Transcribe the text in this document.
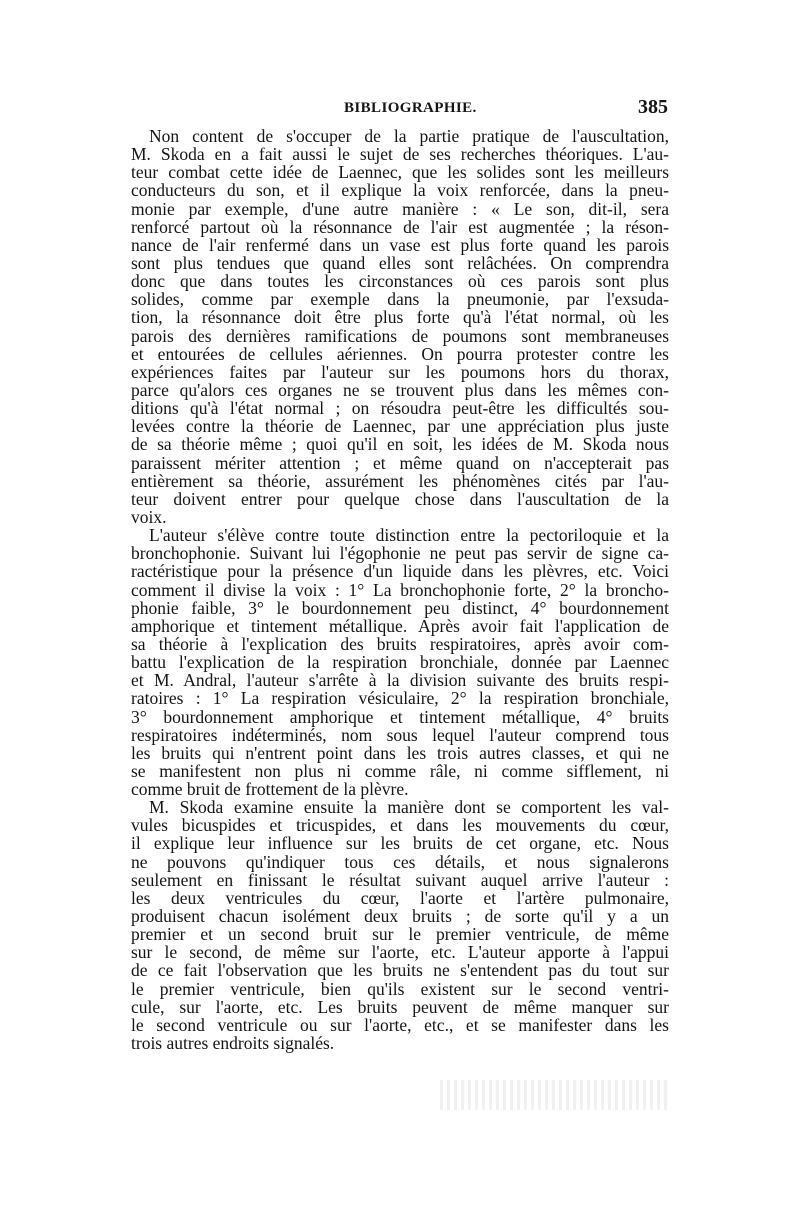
BIBLIOGRAPHIE.	385
Non content de s'occuper de la partie pratique de l'auscultation,
M. Skoda en a fait aussi le sujet de ses recherches théoriques. L'au-
teur combat cette idée de Laennec, que les solides sont les meilleurs
conducteurs du son, et il explique la voix renforcée, dans la pneu-
monie par exemple, d'une autre manière : « Le son, dit-il, sera
renforcé partout où la résonnance de l'air est augmentée ; la réson-
nance de l'air renfermé dans un vase est plus forte quand les parois
sont plus tendues que quand elles sont relâchées. On comprendra
donc que dans toutes les circonstances où ces parois sont plus
solides, comme par exemple dans la pneumonie, par l'exsuda-
tion, la résonnance doit être plus forte qu'à l'état normal, où les
parois des dernières ramifications de poumons sont membraneuses
et entourées de cellules aériennes. On pourra protester contre les
expériences faites par l'auteur sur les poumons hors du thorax,
parce qu'alors ces organes ne se trouvent plus dans les mêmes con-
ditions qu'à l'état normal ; on résoudra peut-être les difficultés sou-
levées contre la théorie de Laennec, par une appréciation plus juste
de sa théorie même ; quoi qu'il en soit, les idées de M. Skoda nous
paraissent mériter attention ; et même quand on n'accepterait pas
entièrement sa théorie, assurément les phénomènes cités par l'au-
teur doivent entrer pour quelque chose dans l'auscultation de la
voix.
L'auteur s'élève contre toute distinction entre la pectoriloquie et la
bronchophonie. Suivant lui l'égophonie ne peut pas servir de signe ca-
ractéristique pour la présence d'un liquide dans les plèvres, etc. Voici
comment il divise la voix : 1° La bronchophonie forte, 2° la broncho-
phonie faible, 3° le bourdonnement peu distinct, 4° bourdonnement
amphorique et tintement métallique. Après avoir fait l'application de
sa théorie à l'explication des bruits respiratoires, après avoir com-
battu l'explication de la respiration bronchiale, donnée par Laennec
et M. Andral, l'auteur s'arrête à la division suivante des bruits respi-
ratoires : 1° La respiration vésiculaire, 2° la respiration bronchiale,
3° bourdonnement amphorique et tintement métallique, 4° bruits
respiratoires indéterminés, nom sous lequel l'auteur comprend tous
les bruits qui n'entrent point dans les trois autres classes, et qui ne
se manifestent non plus ni comme râle, ni comme sifflement, ni
comme bruit de frottement de la plèvre.
M. Skoda examine ensuite la manière dont se comportent les val-
vules bicuspides et tricuspides, et dans les mouvements du cœur,
il explique leur influence sur les bruits de cet organe, etc. Nous
ne pouvons qu'indiquer tous ces détails, et nous signalerons
seulement en finissant le résultat suivant auquel arrive l'auteur :
les deux ventricules du cœur, l'aorte et l'artère pulmonaire,
produisent chacun isolément deux bruits ; de sorte qu'il y a un
premier et un second bruit sur le premier ventricule, de même
sur le second, de même sur l'aorte, etc. L'auteur apporte à l'appui
de ce fait l'observation que les bruits ne s'entendent pas du tout sur
le premier ventricule, bien qu'ils existent sur le second ventri-
cule, sur l'aorte, etc. Les bruits peuvent de même manquer sur
le second ventricule ou sur l'aorte, etc., et se manifester dans les
trois autres endroits signalés.
